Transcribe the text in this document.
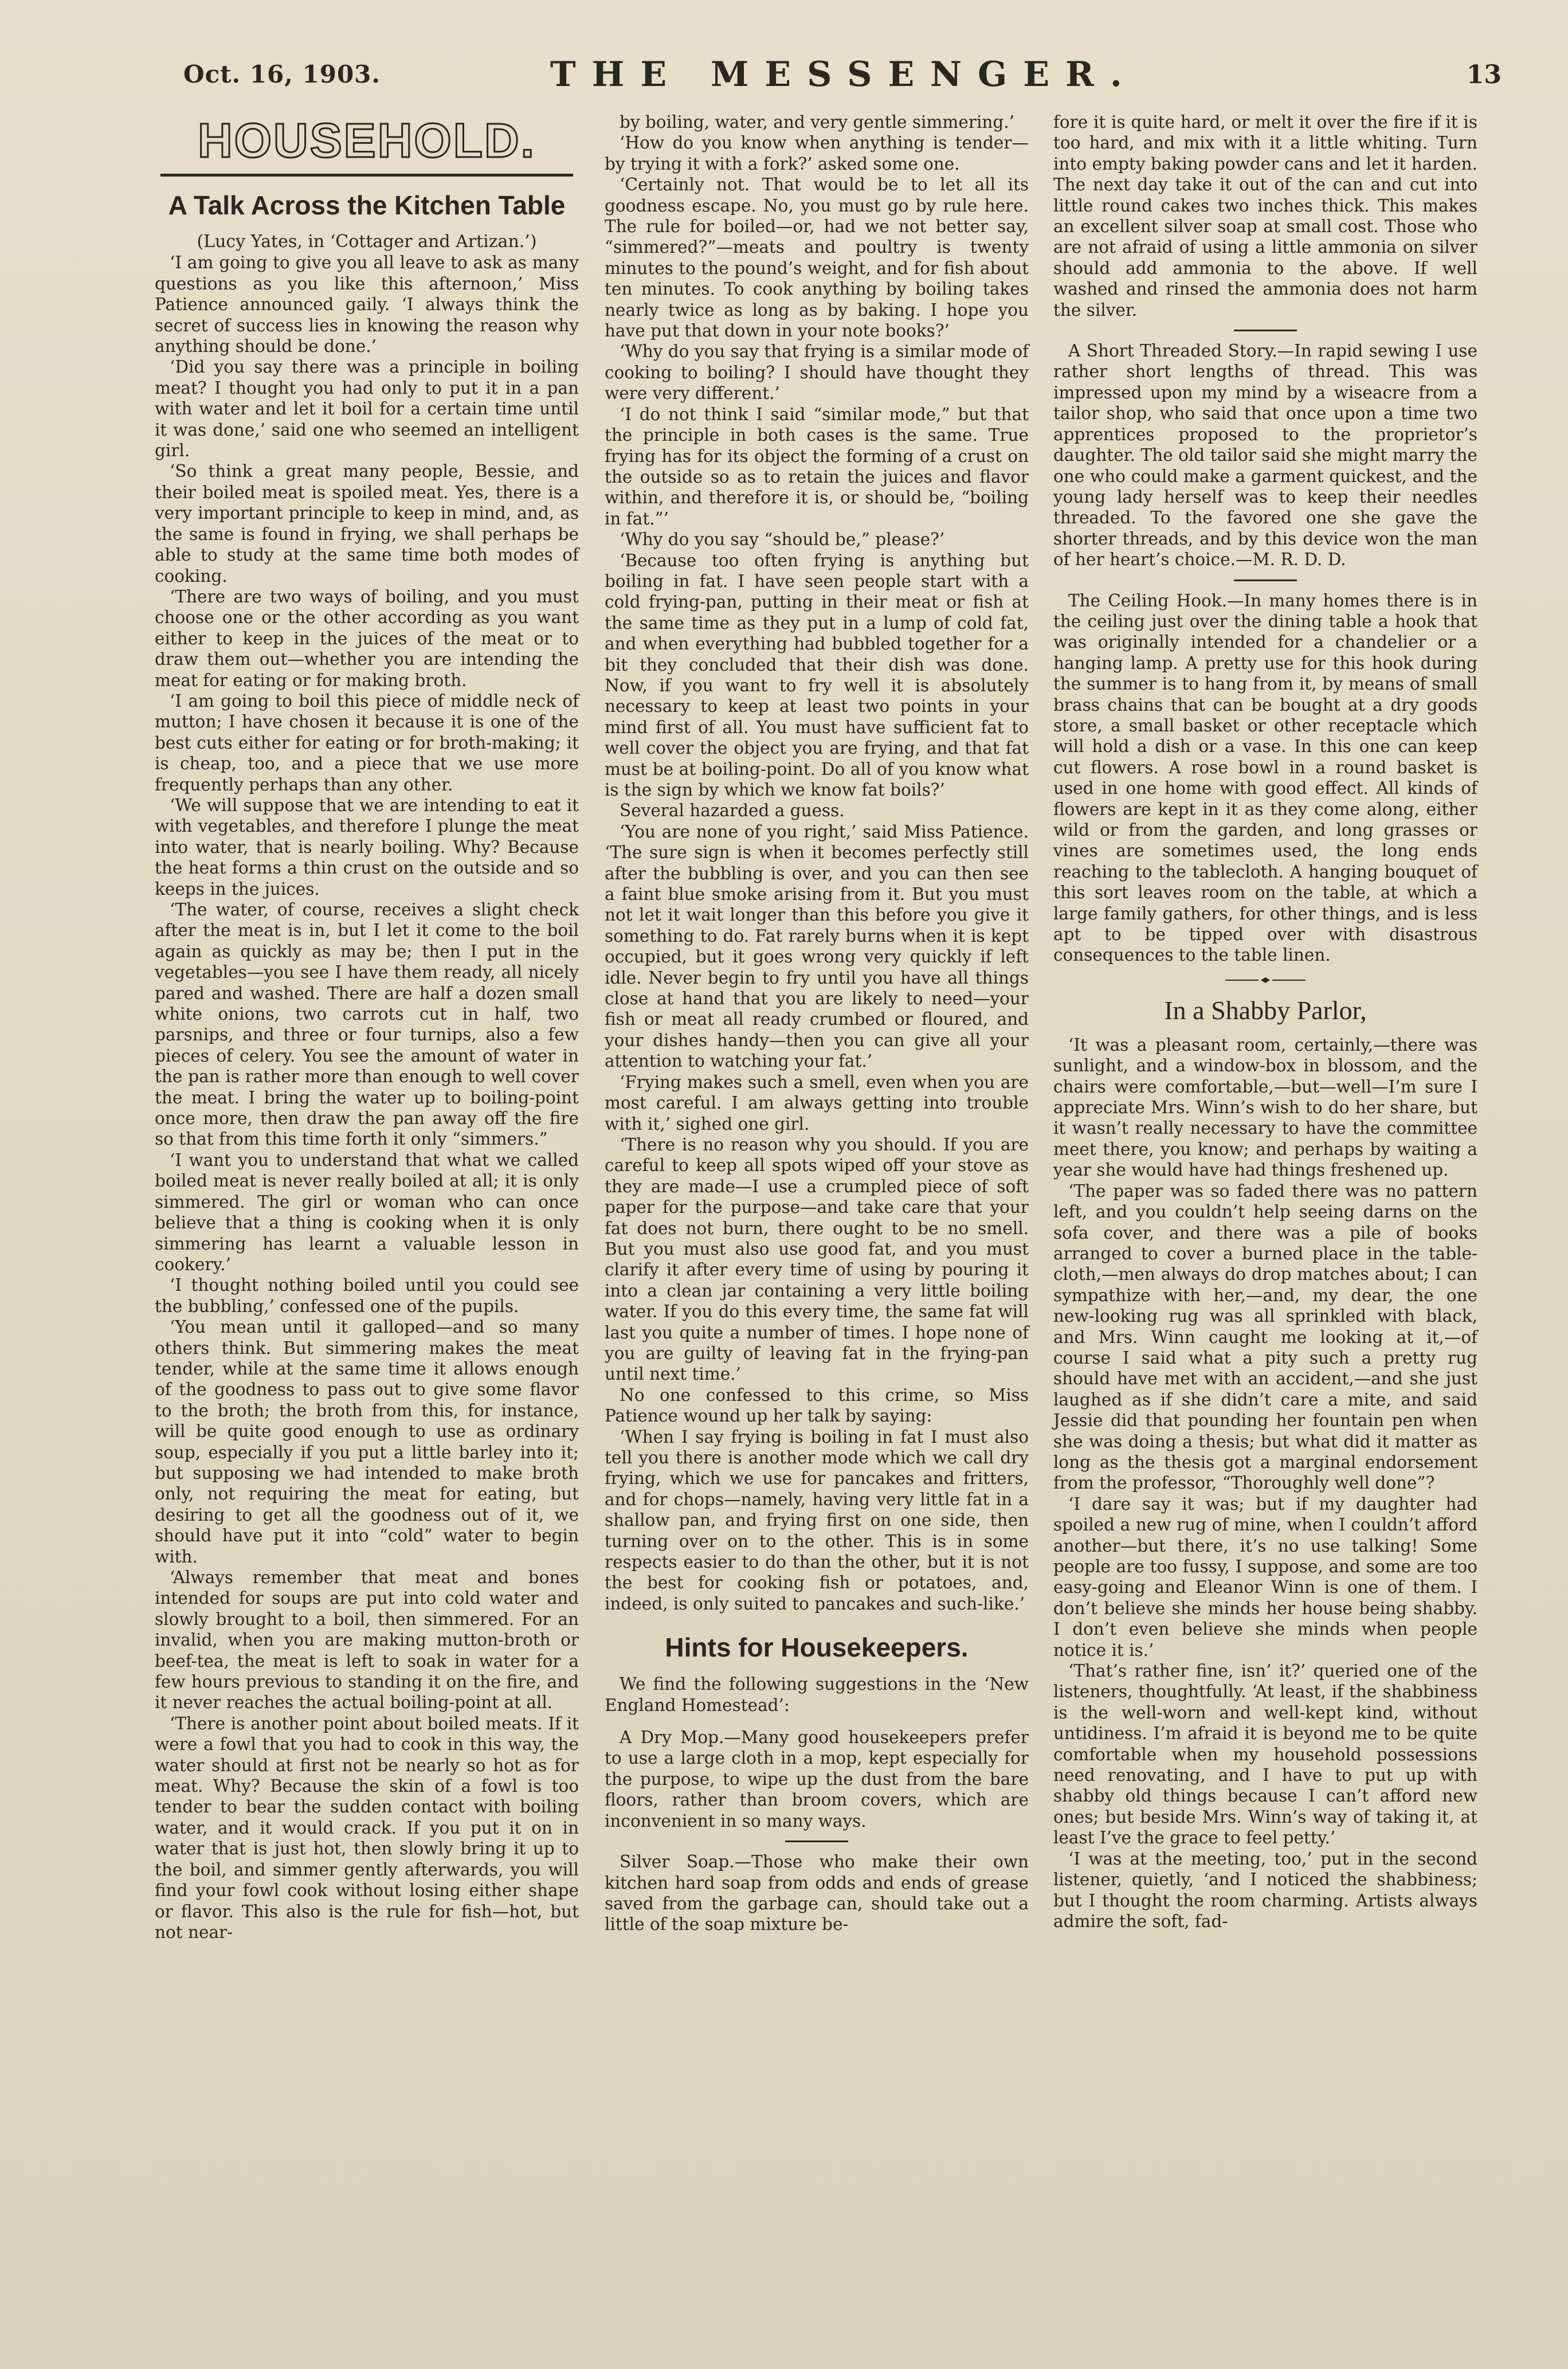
Oct. 16, 1903.	THE MESSENGER.	13
HOUSEHOLD.
A Talk Across the Kitchen Table

(Lucy Yates, in ‘Cottager and Artizan.’)

‘I am going to give you all leave to ask as many questions as you like this afternoon,’ Miss Patience announced gaily. ‘I always think the secret of success lies in knowing the reason why anything should be done.’

‘Did you say there was a principle in boiling meat? I thought you had only to put it in a pan with water and let it boil for a certain time until it was done,’ said one who seemed an intelligent girl.

‘So think a great many people, Bessie, and their boiled meat is spoiled meat. Yes, there is a very important principle to keep in mind, and, as the same is found in frying, we shall perhaps be able to study at the same time both modes of cooking.

‘There are two ways of boiling, and you must choose one or the other according as you want either to keep in the juices of the meat or to draw them out—whether you are intending the meat for eating or for making broth.

‘I am going to boil this piece of middle neck of mutton; I have chosen it because it is one of the best cuts either for eating or for broth-making; it is cheap, too, and a piece that we use more frequently perhaps than any other.

‘We will suppose that we are intending to eat it with vegetables, and therefore I plunge the meat into water, that is nearly boiling. Why? Because the heat forms a thin crust on the outside and so keeps in the juices.

‘The water, of course, receives a slight check after the meat is in, but I let it come to the boil again as quickly as may be; then I put in the vegetables—you see I have them ready, all nicely pared and washed. There are half a dozen small white onions, two carrots cut in half, two parsnips, and three or four turnips, also a few pieces of celery. You see the amount of water in the pan is rather more than enough to well cover the meat. I bring the water up to boiling-point once more, then draw the pan away off the fire so that from this time forth it only “simmers.”

‘I want you to understand that what we called boiled meat is never really boiled at all; it is only simmered. The girl or woman who can once believe that a thing is cooking when it is only simmering has learnt a valuable lesson in cookery.’

‘I thought nothing boiled until you could see the bubbling,’ confessed one of the pupils.

‘You mean until it galloped—and so many others think. But simmering makes the meat tender, while at the same time it allows enough of the goodness to pass out to give some flavor to the broth; the broth from this, for instance, will be quite good enough to use as ordinary soup, especially if you put a little barley into it; but supposing we had intended to make broth only, not requiring the meat for eating, but desiring to get all the goodness out of it, we should have put it into “cold” water to begin with.

‘Always remember that meat and bones intended for soups are put into cold water and slowly brought to a boil, then simmered. For an invalid, when you are making mutton-broth or beef-tea, the meat is left to soak in water for a few hours previous to standing it on the fire, and it never reaches the actual boiling-point at all.

‘There is another point about boiled meats. If it were a fowl that you had to cook in this way, the water should at first not be nearly so hot as for meat. Why? Because the skin of a fowl is too tender to bear the sudden contact with boiling water, and it would crack. If you put it on in water that is just hot, then slowly bring it up to the boil, and simmer gently afterwards, you will find your fowl cook without losing either shape or flavor. This also is the rule for fish—hot, but not near-

by boiling, water, and very gentle simmering.’

‘How do you know when anything is tender—by trying it with a fork?’ asked some one.

‘Certainly not. That would be to let all its goodness escape. No, you must go by rule here. The rule for boiled—or, had we not better say, “simmered?”—meats and poultry is twenty minutes to the pound’s weight, and for fish about ten minutes. To cook anything by boiling takes nearly twice as long as by baking. I hope you have put that down in your note books?’

‘Why do you say that frying is a similar mode of cooking to boiling? I should have thought they were very different.’

‘I do not think I said “similar mode,” but that the principle in both cases is the same. True frying has for its object the forming of a crust on the outside so as to retain the juices and flavor within, and therefore it is, or should be, “boiling in fat.”’

‘Why do you say “should be,” please?’

‘Because too often frying is anything but boiling in fat. I have seen people start with a cold frying-pan, putting in their meat or fish at the same time as they put in a lump of cold fat, and when everything had bubbled together for a bit they concluded that their dish was done. Now, if you want to fry well it is absolutely necessary to keep at least two points in your mind first of all. You must have sufficient fat to well cover the object you are frying, and that fat must be at boiling-point. Do all of you know what is the sign by which we know fat boils?’

Several hazarded a guess.

‘You are none of you right,’ said Miss Patience. ‘The sure sign is when it becomes perfectly still after the bubbling is over, and you can then see a faint blue smoke arising from it. But you must not let it wait longer than this before you give it something to do. Fat rarely burns when it is kept occupied, but it goes wrong very quickly if left idle. Never begin to fry until you have all things close at hand that you are likely to need—your fish or meat all ready crumbed or floured, and your dishes handy—then you can give all your attention to watching your fat.’

‘Frying makes such a smell, even when you are most careful. I am always getting into trouble with it,’ sighed one girl.

‘There is no reason why you should. If you are careful to keep all spots wiped off your stove as they are made—I use a crumpled piece of soft paper for the purpose—and take care that your fat does not burn, there ought to be no smell. But you must also use good fat, and you must clarify it after every time of using by pouring it into a clean jar containing a very little boiling water. If you do this every time, the same fat will last you quite a number of times. I hope none of you are guilty of leaving fat in the frying-pan until next time.’

No one confessed to this crime, so Miss Patience wound up her talk by saying:

‘When I say frying is boiling in fat I must also tell you there is another mode which we call dry frying, which we use for pancakes and fritters, and for chops—namely, having very little fat in a shallow pan, and frying first on one side, then turning over on to the other. This is in some respects easier to do than the other, but it is not the best for cooking fish or potatoes, and, indeed, is only suited to pancakes and such-like.’

Hints for Housekeepers.

We find the following suggestions in the ‘New England Homestead’:

A Dry Mop.—Many good housekeepers prefer to use a large cloth in a mop, kept especially for the purpose, to wipe up the dust from the bare floors, rather than broom covers, which are inconvenient in so many ways.

Silver Soap.—Those who make their own kitchen hard soap from odds and ends of grease saved from the garbage can, should take out a little of the soap mixture be-

fore it is quite hard, or melt it over the fire if it is too hard, and mix with it a little whiting. Turn into empty baking powder cans and let it harden. The next day take it out of the can and cut into little round cakes two inches thick. This makes an excellent silver soap at small cost. Those who are not afraid of using a little ammonia on silver should add ammonia to the above. If well washed and rinsed the ammonia does not harm the silver.

A Short Threaded Story.—In rapid sewing I use rather short lengths of thread. This was impressed upon my mind by a wiseacre from a tailor shop, who said that once upon a time two apprentices proposed to the proprietor’s daughter. The old tailor said she might marry the one who could make a garment quickest, and the young lady herself was to keep their needles threaded. To the favored one she gave the shorter threads, and by this device won the man of her heart’s choice.—M. R. D. D.

The Ceiling Hook.—In many homes there is in the ceiling just over the dining table a hook that was originally intended for a chandelier or a hanging lamp. A pretty use for this hook during the summer is to hang from it, by means of small brass chains that can be bought at a dry goods store, a small basket or other receptacle which will hold a dish or a vase. In this one can keep cut flowers. A rose bowl in a round basket is used in one home with good effect. All kinds of flowers are kept in it as they come along, either wild or from the garden, and long grasses or vines are sometimes used, the long ends reaching to the tablecloth. A hanging bouquet of this sort leaves room on the table, at which a large family gathers, for other things, and is less apt to be tipped over with disastrous consequences to the table linen.

In a Shabby Parlor,

‘It was a pleasant room, certainly,—there was sunlight, and a window-box in blossom, and the chairs were comfortable,—but—well—I’m sure I appreciate Mrs. Winn’s wish to do her share, but it wasn’t really necessary to have the committee meet there, you know; and perhaps by waiting a year she would have had things freshened up.

‘The paper was so faded there was no pattern left, and you couldn’t help seeing darns on the sofa cover, and there was a pile of books arranged to cover a burned place in the table-cloth,—men always do drop matches about; I can sympathize with her,—and, my dear, the one new-looking rug was all sprinkled with black, and Mrs. Winn caught me looking at it,—of course I said what a pity such a pretty rug should have met with an accident,—and she just laughed as if she didn’t care a mite, and said Jessie did that pounding her fountain pen when she was doing a thesis; but what did it matter as long as the thesis got a marginal endorsement from the professor, “Thoroughly well done”?

‘I dare say it was; but if my daughter had spoiled a new rug of mine, when I couldn’t afford another—but there, it’s no use talking! Some people are too fussy, I suppose, and some are too easy-going and Eleanor Winn is one of them. I don’t believe she minds her house being shabby. I don’t even believe she minds when people notice it is.’

‘That’s rather fine, isn’ it?’ queried one of the listeners, thoughtfully. ‘At least, if the shabbiness is the well-worn and well-kept kind, without untidiness. I’m afraid it is beyond me to be quite comfortable when my household possessions need renovating, and I have to put up with shabby old things because I can’t afford new ones; but beside Mrs. Winn’s way of taking it, at least I’ve the grace to feel petty.’

‘I was at the meeting, too,’ put in the second listener, quietly, ‘and I noticed the shabbiness; but I thought the room charming. Artists always admire the soft, fad-
